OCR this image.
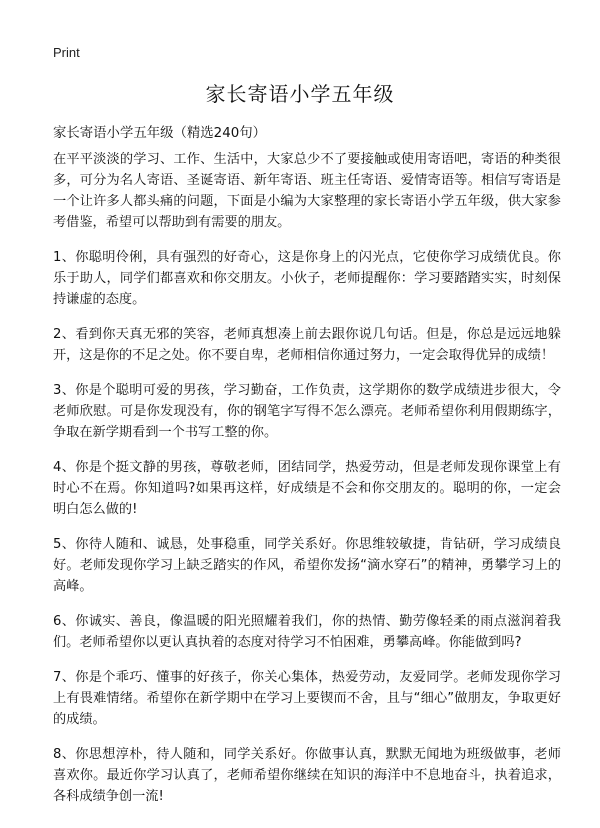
Print
家长寄语小学五年级

家长寄语小学五年级（精选240句）

在平平淡淡的学习、工作、生活中，大家总少不了要接触或使用寄语吧，寄语的种类很多，可分为名人寄语、圣诞寄语、新年寄语、班主任寄语、爱情寄语等。相信写寄语是一个让许多人都头痛的问题，下面是小编为大家整理的家长寄语小学五年级，供大家参考借鉴，希望可以帮助到有需要的朋友。

1、你聪明伶俐，具有强烈的好奇心，这是你身上的闪光点，它使你学习成绩优良。你乐于助人，同学们都喜欢和你交朋友。小伙子，老师提醒你：学习要踏踏实实，时刻保持谦虚的态度。

2、看到你天真无邪的笑容，老师真想凑上前去跟你说几句话。但是，你总是远远地躲开，这是你的不足之处。你不要自卑，老师相信你通过努力，一定会取得优异的成绩！

3、你是个聪明可爱的男孩，学习勤奋，工作负责，这学期你的数学成绩进步很大，令老师欣慰。可是你发现没有，你的钢笔字写得不怎么漂亮。老师希望你利用假期练字，争取在新学期看到一个书写工整的你。

4、你是个挺文静的男孩，尊敬老师，团结同学，热爱劳动，但是老师发现你课堂上有时心不在焉。你知道吗?如果再这样，好成绩是不会和你交朋友的。聪明的你，一定会明白怎么做的!

5、你待人随和、诚恳，处事稳重，同学关系好。你思维较敏捷，肯钻研，学习成绩良好。老师发现你学习上缺乏踏实的作风，希望你发扬“滴水穿石”的精神，勇攀学习上的高峰。

6、你诚实、善良，像温暖的阳光照耀着我们，你的热情、勤劳像轻柔的雨点滋润着我们。老师希望你以更认真执着的态度对待学习不怕困难，勇攀高峰。你能做到吗?

7、你是个乖巧、懂事的好孩子，你关心集体，热爱劳动，友爱同学。老师发现你学习上有畏难情绪。希望你在新学期中在学习上要锲而不舍，且与“细心”做朋友，争取更好的成绩。

8、你思想淳朴，待人随和，同学关系好。你做事认真，默默无闻地为班级做事，老师喜欢你。最近你学习认真了，老师希望你继续在知识的海洋中不息地奋斗，执着追求，各科成绩争创一流!
